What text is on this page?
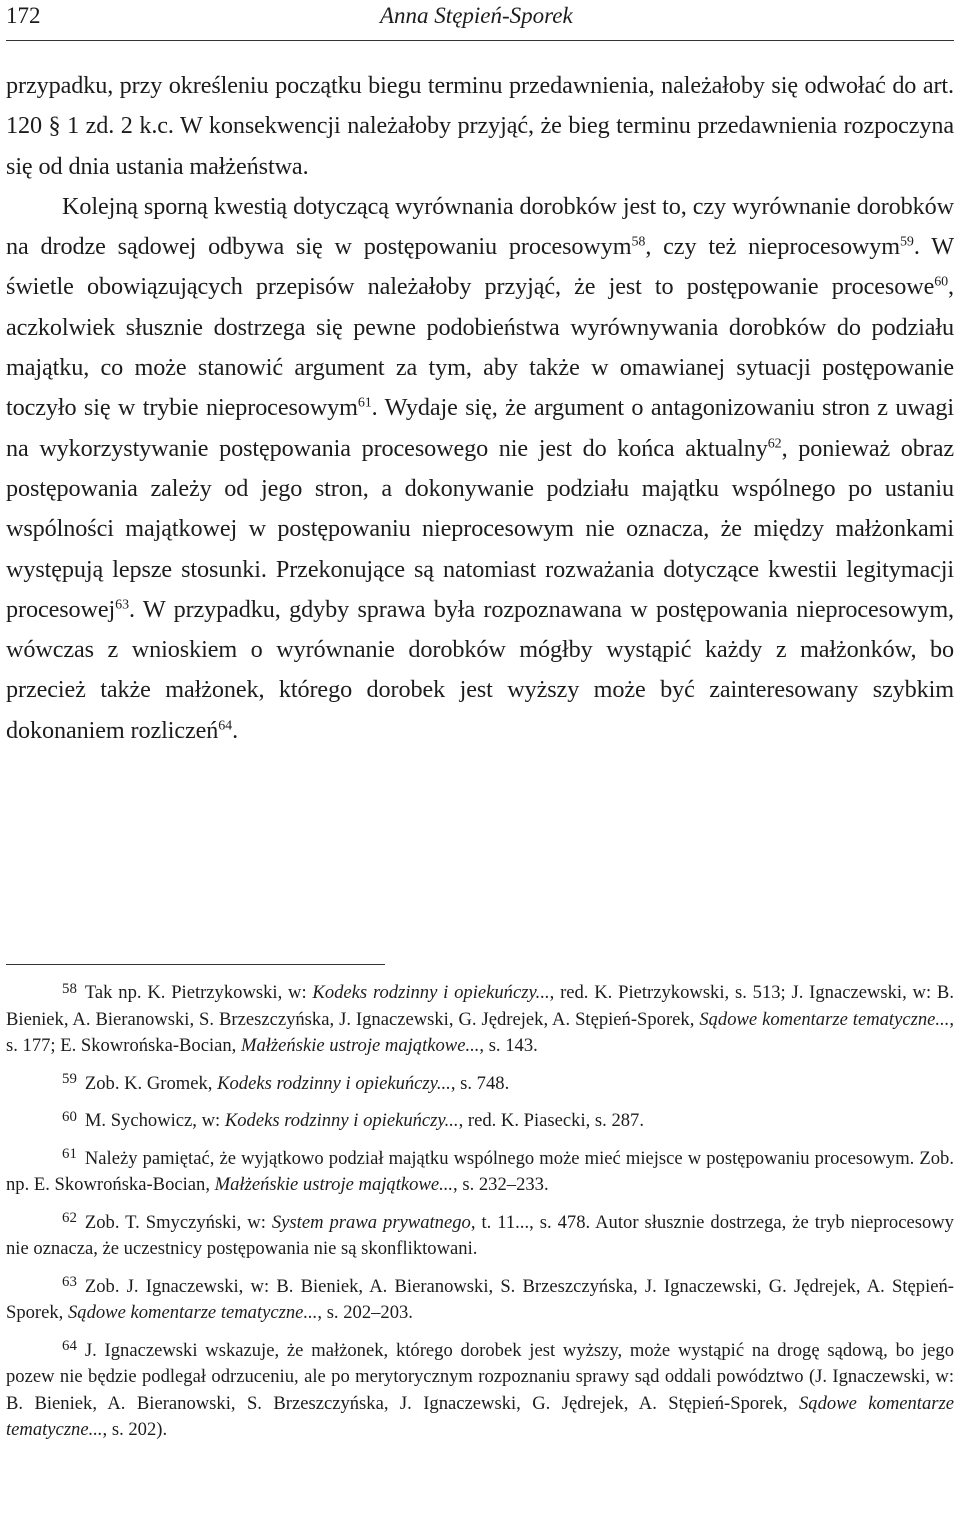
172	Anna Stępień-Sporek

przypadku, przy określeniu początku biegu terminu przedawnienia, należałoby się odwołać do art. 120 § 1 zd. 2 k.c. W konsekwencji należałoby przyjąć, że bieg terminu przedawnienia rozpoczyna się od dnia ustania małżeństwa.

Kolejną sporną kwestią dotyczącą wyrównania dorobków jest to, czy wyrównanie dorobków na drodze sądowej odbywa się w postępowaniu procesowym$^{58}$, czy też nieprocesowym$^{59}$. W świetle obowiązujących przepisów należałoby przyjąć, że jest to postępowanie procesowe$^{60}$, aczkolwiek słusznie dostrzega się pewne podobieństwa wyrównywania dorobków do podziału majątku, co może stanowić argument za tym, aby także w omawianej sytuacji postępowanie toczyło się w trybie nieprocesowym$^{61}$. Wydaje się, że argument o antagonizowaniu stron z uwagi na wykorzystywanie postępowania procesowego nie jest do końca aktualny$^{62}$, ponieważ obraz postępowania zależy od jego stron, a dokonywanie podziału majątku wspólnego po ustaniu wspólności majątkowej w postępowaniu nieprocesowym nie oznacza, że między małżonkami występują lepsze stosunki. Przekonujące są natomiast rozważania dotyczące kwestii legitymacji procesowej$^{63}$. W przypadku, gdyby sprawa była rozpoznawana w postępowania nieprocesowym, wówczas z wnioskiem o wyrównanie dorobków mógłby wystąpić każdy z małżonków, bo przecież także małżonek, którego dorobek jest wyższy może być zainteresowany szybkim dokonaniem rozliczeń$^{64}$.

$^{58}$ Tak np. K. Pietrzykowski, w: Kodeks rodzinny i opiekuńczy..., red. K. Pietrzykowski, s. 513; J. Ignaczewski, w: B. Bieniek, A. Bieranowski, S. Brzeszczyńska, J. Ignaczewski, G. Jędrejek, A. Stępień-Sporek, Sądowe komentarze tematyczne..., s. 177; E. Skowrońska-Bocian, Małżeńskie ustroje majątkowe..., s. 143.

$^{59}$ Zob. K. Gromek, Kodeks rodzinny i opiekuńczy..., s. 748.

$^{60}$ M. Sychowicz, w: Kodeks rodzinny i opiekuńczy..., red. K. Piasecki, s. 287.

$^{61}$ Należy pamiętać, że wyjątkowo podział majątku wspólnego może mieć miejsce w postępowaniu procesowym. Zob. np. E. Skowrońska-Bocian, Małżeńskie ustroje majątkowe..., s. 232–233.

$^{62}$ Zob. T. Smyczyński, w: System prawa prywatnego, t. 11..., s. 478. Autor słusznie dostrzega, że tryb nieprocesowy nie oznacza, że uczestnicy postępowania nie są skonfliktowani.

$^{63}$ Zob. J. Ignaczewski, w: B. Bieniek, A. Bieranowski, S. Brzeszczyńska, J. Ignaczewski, G. Jędrejek, A. Stępień-Sporek, Sądowe komentarze tematyczne..., s. 202–203.

$^{64}$ J. Ignaczewski wskazuje, że małżonek, którego dorobek jest wyższy, może wystąpić na drogę sądową, bo jego pozew nie będzie podlegał odrzuceniu, ale po merytorycznym rozpoznaniu sprawy sąd oddali powództwo (J. Ignaczewski, w: B. Bieniek, A. Bieranowski, S. Brzeszczyńska, J. Ignaczewski, G. Jędrejek, A. Stępień-Sporek, Sądowe komentarze tematyczne..., s. 202).
